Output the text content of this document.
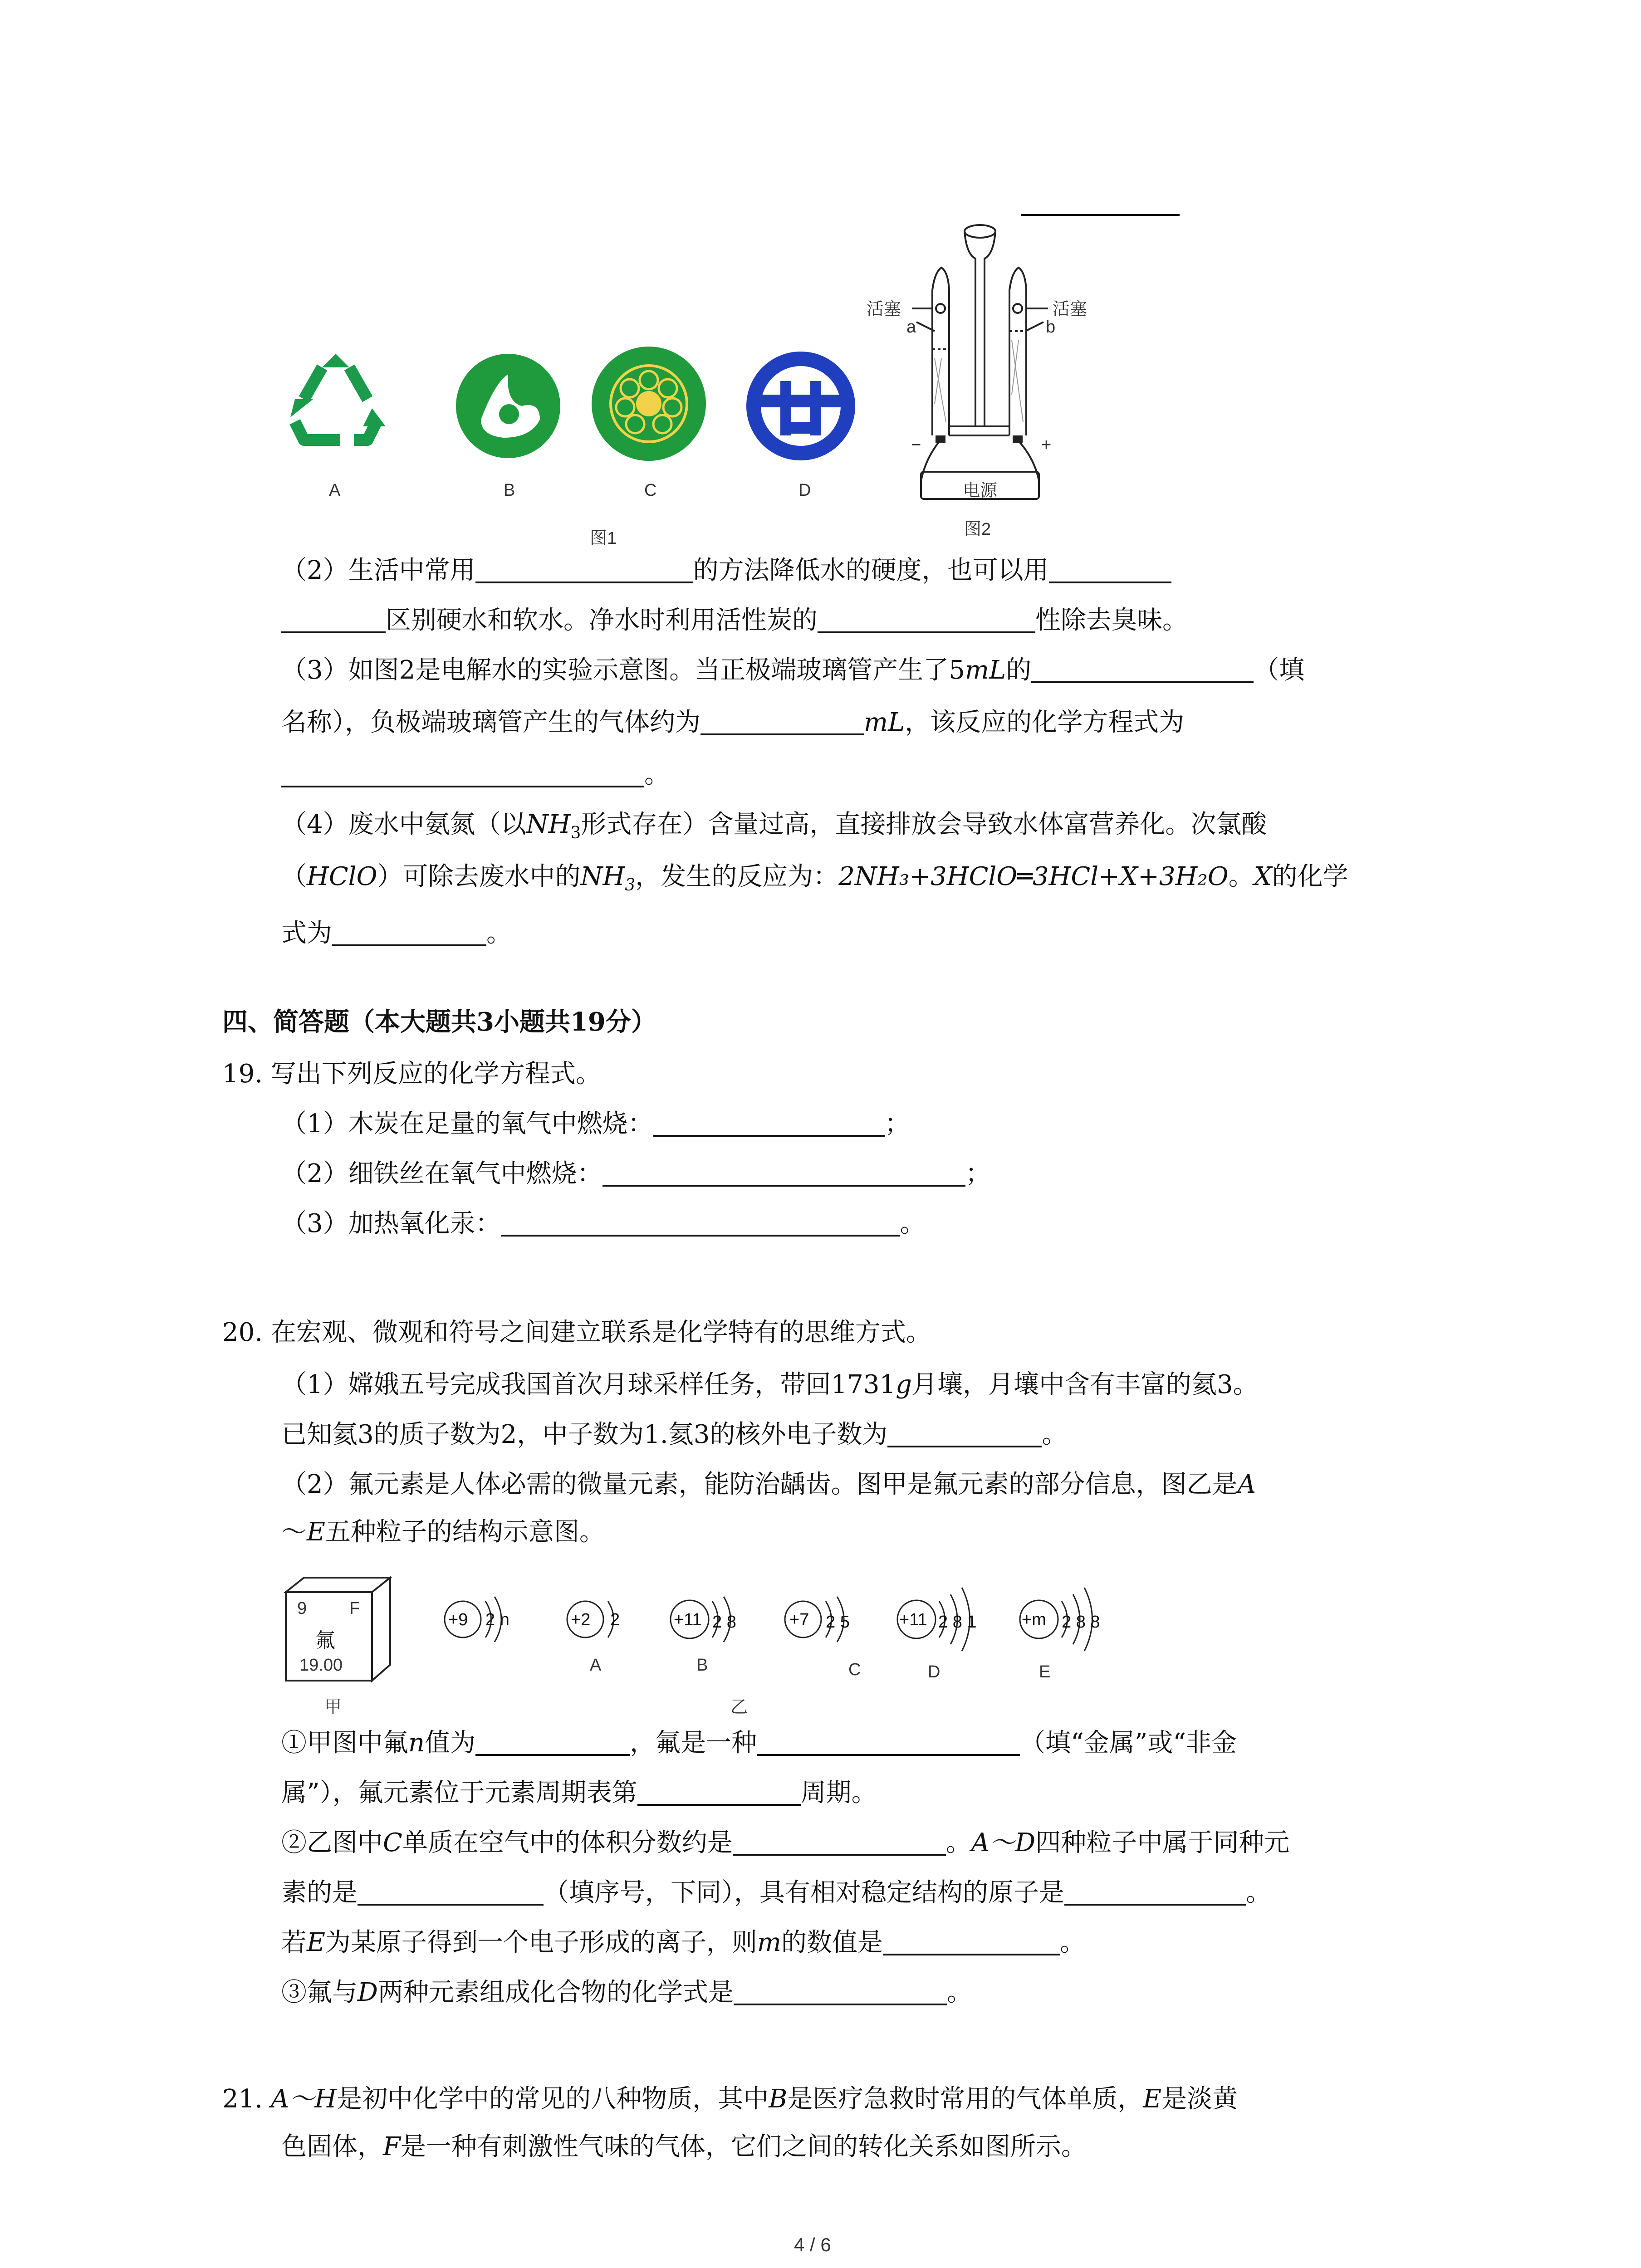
A	B	C	D
图1
活塞	活塞
a	b
−	+
电源
图2
（2）生活中常用	的方法降低水的硬度，也可以用
区别硬水和软水。净水时利用活性炭的	性除去臭味。
（3）如图2是电解水的实验示意图。当正极端玻璃管产生了5mL的	（填
名称），负极端玻璃管产生的气体约为	mL，该反应的化学方程式为
。
（4）废水中氨氮（以$NH_3$形式存在）含量过高，直接排放会导致水体富营养化。次氯酸
（HClO）可除去废水中的$NH_3$，发生的反应为：2NH₃+3HClO═3HCl+X+3H₂O。X的化学
式为	。
四、简答题（本大题共3小题共19分）
19. 写出下列反应的化学方程式。
（1）木炭在足量的氧气中燃烧：	；
（2）细铁丝在氧气中燃烧：	；
（3）加热氧化汞：	。
20. 在宏观、微观和符号之间建立联系是化学特有的思维方式。
（1）嫦娥五号完成我国首次月球采样任务，带回1731g月壤，月壤中含有丰富的氦3。
已知氦3的质子数为2，中子数为1.氦3的核外电子数为	。
（2）氟元素是人体必需的微量元素，能防治龋齿。图甲是氟元素的部分信息，图乙是A
～E五种粒子的结构示意图。
9 F
氟
19.00
甲
+9 2 n	+2 2
A
+11 2 8
B
+7 2 5
C
+11 2 8 1
D
+m 2 8 8
E
乙
①甲图中氟n值为	，氟是一种	（填“金属”或“非金
属”），氟元素位于元素周期表第	周期。
②乙图中C单质在空气中的体积分数约是	。A～D四种粒子中属于同种元
素的是	（填序号，下同），具有相对稳定结构的原子是	。
若E为某原子得到一个电子形成的离子，则m的数值是	。
③氟与D两种元素组成化合物的化学式是	。
21. A～H是初中化学中的常见的八种物质，其中B是医疗急救时常用的气体单质，E是淡黄
色固体，F是一种有刺激性气味的气体，它们之间的转化关系如图所示。
4 / 6
